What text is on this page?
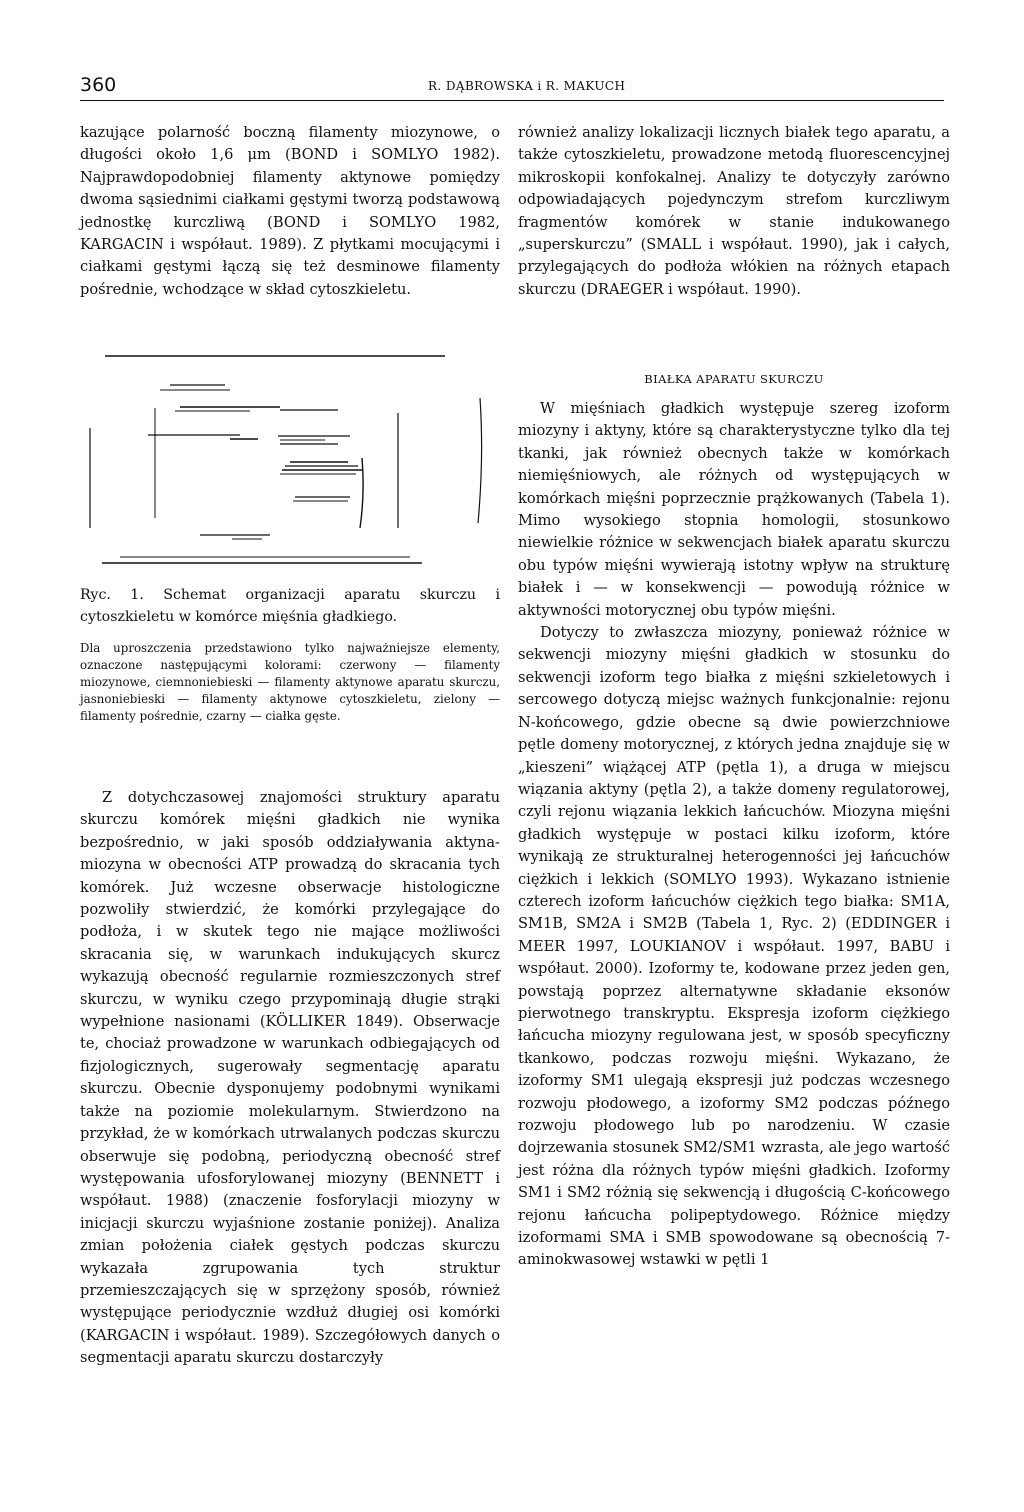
360	R. DĄBROWSKA i R. MAKUCH

kazujące polarność boczną filamenty miozynowe, o długości około 1,6 μm (BOND i SOMLYO 1982). Najprawdopodobniej filamenty aktynowe pomiędzy dwoma sąsiednimi ciałkami gęstymi tworzą podstawową jednostkę kurczliwą (BOND i SOMLYO 1982, KARGACIN i współaut. 1989). Z płytkami mocującymi i ciałkami gęstymi łączą się też desminowe filamenty pośrednie, wchodzące w skład cytoszkieletu.

również analizy lokalizacji licznych białek tego aparatu, a także cytoszkieletu, prowadzone metodą fluorescencyjnej mikroskopii konfokalnej. Analizy te dotyczyły zarówno odpowiadających pojedynczym strefom kurczliwym fragmentów komórek w stanie indukowanego „superskurczu” (SMALL i współaut. 1990), jak i całych, przylegających do podłoża włókien na różnych etapach skurczu (DRAEGER i współaut. 1990).

Ryc. 1. Schemat organizacji aparatu skurczu i cytoszkieletu w komórce mięśnia gładkiego.

Dla uproszczenia przedstawiono tylko najważniejsze elementy, oznaczone następującymi kolorami: czerwony — filamenty miozynowe, ciemnoniebieski — filamenty aktynowe aparatu skurczu, jasnoniebieski — filamenty aktynowe cytoszkieletu, zielony — filamenty pośrednie, czarny — ciałka gęste.

Z dotychczasowej znajomości struktury aparatu skurczu komórek mięśni gładkich nie wynika bezpośrednio, w jaki sposób oddziaływania aktyna-miozyna w obecności ATP prowadzą do skracania tych komórek. Już wczesne obserwacje histologiczne pozwoliły stwierdzić, że komórki przylegające do podłoża, i w skutek tego nie mające możliwości skracania się, w warunkach indukujących skurcz wykazują obecność regularnie rozmieszczonych stref skurczu, w wyniku czego przypominają długie strąki wypełnione nasionami (KÖLLIKER 1849). Obserwacje te, chociaż prowadzone w warunkach odbiegających od fizjologicznych, sugerowały segmentację aparatu skurczu. Obecnie dysponujemy podobnymi wynikami także na poziomie molekularnym. Stwierdzono na przykład, że w komórkach utrwalanych podczas skurczu obserwuje się podobną, periodyczną obecność stref występowania ufosforylowanej miozyny (BENNETT i współaut. 1988) (znaczenie fosforylacji miozyny w inicjacji skurczu wyjaśnione zostanie poniżej). Analiza zmian położenia ciałek gęstych podczas skurczu wykazała zgrupowania tych struktur przemieszczających się w sprzężony sposób, również występujące periodycznie wzdłuż długiej osi komórki (KARGACIN i współaut. 1989). Szczegółowych danych o segmentacji aparatu skurczu dostarczyły

BIAŁKA APARATU SKURCZU

W mięśniach gładkich występuje szereg izoform miozyny i aktyny, które są charakterystyczne tylko dla tej tkanki, jak również obecnych także w komórkach niemięśniowych, ale różnych od występujących w komórkach mięśni poprzecznie prążkowanych (Tabela 1). Mimo wysokiego stopnia homologii, stosunkowo niewielkie różnice w sekwencjach białek aparatu skurczu obu typów mięśni wywierają istotny wpływ na strukturę białek i — w konsekwencji — powodują różnice w aktywności motorycznej obu typów mięśni.

Dotyczy to zwłaszcza miozyny, ponieważ różnice w sekwencji miozyny mięśni gładkich w stosunku do sekwencji izoform tego białka z mięśni szkieletowych i sercowego dotyczą miejsc ważnych funkcjonalnie: rejonu N-końcowego, gdzie obecne są dwie powierzchniowe pętle domeny motorycznej, z których jedna znajduje się w „kieszeni” wiążącej ATP (pętla 1), a druga w miejscu wiązania aktyny (pętla 2), a także domeny regulatorowej, czyli rejonu wiązania lekkich łańcuchów. Miozyna mięśni gładkich występuje w postaci kilku izoform, które wynikają ze strukturalnej heterogenności jej łańcuchów ciężkich i lekkich (SOMLYO 1993). Wykazano istnienie czterech izoform łańcuchów ciężkich tego białka: SM1A, SM1B, SM2A i SM2B (Tabela 1, Ryc. 2) (EDDINGER i MEER 1997, LOUKIANOV i współaut. 1997, BABU i współaut. 2000). Izoformy te, kodowane przez jeden gen, powstają poprzez alternatywne składanie eksonów pierwotnego transkryptu. Ekspresja izoform ciężkiego łańcucha miozyny regulowana jest, w sposób specyficzny tkankowo, podczas rozwoju mięśni. Wykazano, że izoformy SM1 ulegają ekspresji już podczas wczesnego rozwoju płodowego, a izoformy SM2 podczas późnego rozwoju płodowego lub po narodzeniu. W czasie dojrzewania stosunek SM2/SM1 wzrasta, ale jego wartość jest różna dla różnych typów mięśni gładkich. Izoformy SM1 i SM2 różnią się sekwencją i długością C-końcowego rejonu łańcucha polipeptydowego. Różnice między izoformami SMA i SMB spowodowane są obecnością 7-aminokwasowej wstawki w pętli 1
